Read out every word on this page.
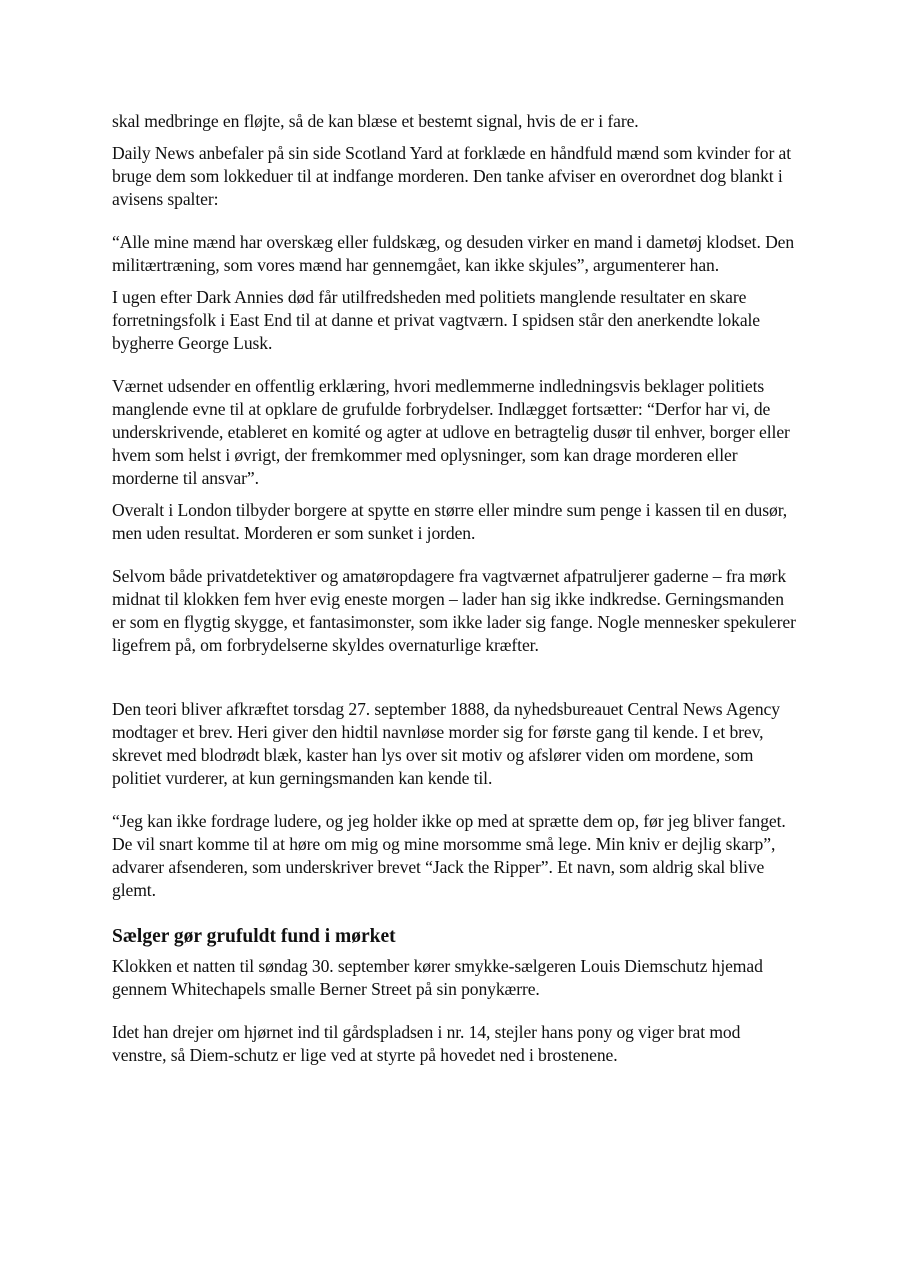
skal medbringe en fløjte, så de kan blæse et bestemt signal, hvis de er i fare.

Daily News anbefaler på sin side Scotland Yard at forklæde en håndfuld mænd som kvinder for at bruge dem som lokkeduer til at indfange morderen. Den tanke afviser en overordnet dog blankt i avisens spalter:

“Alle mine mænd har overskæg eller fuldskæg, og desuden virker en mand i dametøj klodset. Den militærtræning, som vores mænd har gennemgået, kan ikke skjules”, argumenterer han.

I ugen efter Dark Annies død får utilfredsheden med politiets manglende resultater en skare forretningsfolk i East End til at danne et privat vagtværn. I spidsen står den anerkendte lokale bygherre George Lusk.

Værnet udsender en offentlig erklæring, hvori medlemmerne indledningsvis beklager politiets manglende evne til at opklare de grufulde forbrydelser. Indlægget fortsætter: “Derfor har vi, de underskrivende, etableret en komité og agter at udlove en betragtelig dusør til enhver, borger eller hvem som helst i øvrigt, der fremkommer med oplysninger, som kan drage morderen eller morderne til ansvar”.

Overalt i London tilbyder borgere at spytte en større eller mindre sum penge i kassen til en dusør, men uden resultat. Morderen er som sunket i jorden.

Selvom både privatdetektiver og amatøropdagere fra vagtværnet afpatruljerer gaderne – fra mørk midnat til klokken fem hver evig eneste morgen – lader han sig ikke indkredse. Gerningsmanden er som en flygtig skygge, et fantasimonster, som ikke lader sig fange. Nogle mennesker spekulerer ligefrem på, om forbrydelserne skyldes overnaturlige kræfter.

Den teori bliver afkræftet torsdag 27. september 1888, da nyhedsbureauet Central News Agency modtager et brev. Heri giver den hidtil navnløse morder sig for første gang til kende. I et brev, skrevet med blodrødt blæk, kaster han lys over sit motiv og afslører viden om mordene, som politiet vurderer, at kun gerningsmanden kan kende til.

“Jeg kan ikke fordrage ludere, og jeg holder ikke op med at sprætte dem op, før jeg bliver fanget. De vil snart komme til at høre om mig og mine morsomme små lege. Min kniv er dejlig skarp”, advarer afsenderen, som underskriver brevet “Jack the Ripper”. Et navn, som aldrig skal blive glemt.

Sælger gør grufuldt fund i mørket

Klokken et natten til søndag 30. september kører smykke-sælgeren Louis Diemschutz hjemad gennem Whitechapels smalle Berner Street på sin ponykærre.

Idet han drejer om hjørnet ind til gårdspladsen i nr. 14, stejler hans pony og viger brat mod venstre, så Diem-schutz er lige ved at styrte på hovedet ned i brostenene.
